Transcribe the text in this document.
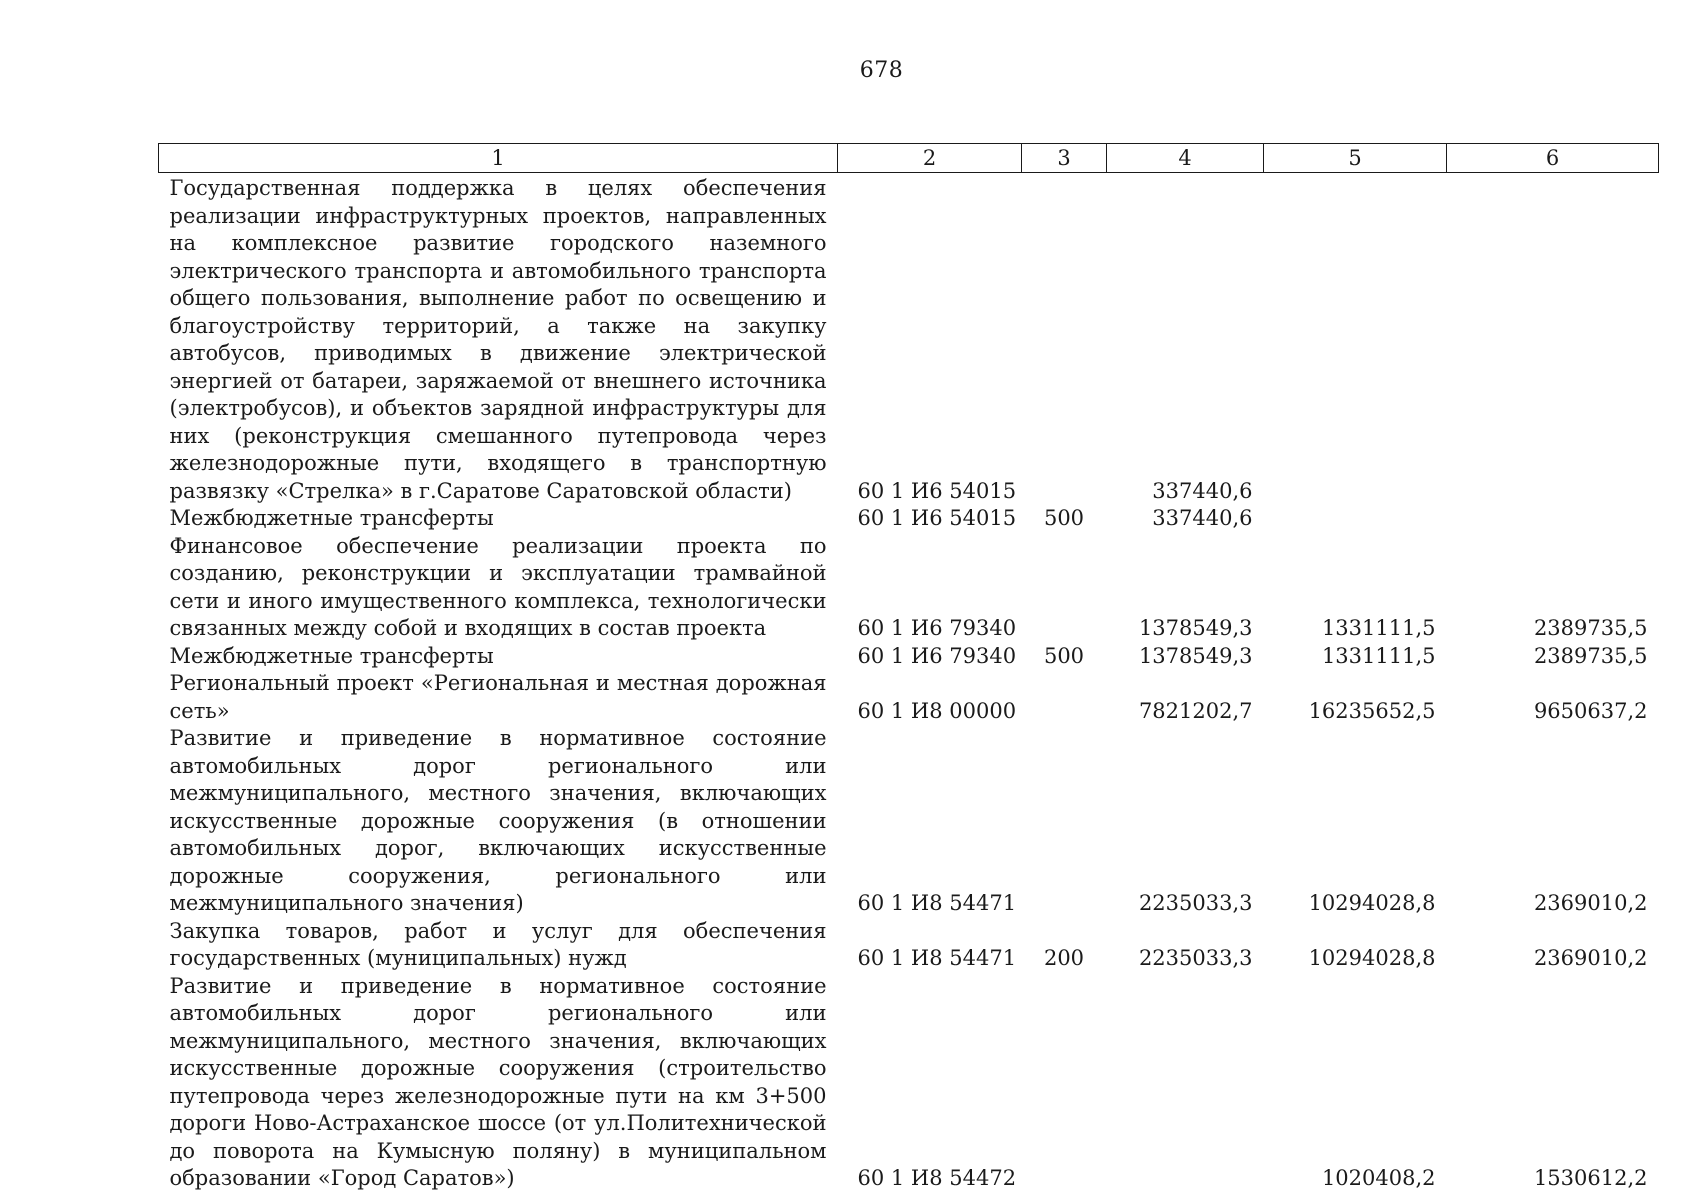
678
1	2	3	4	5	6
Государственная поддержка в целях обеспечения реализации инфраструктурных проектов, направленных на комплексное развитие городского наземного электрического транспорта и автомобильного транспорта общего пользования, выполнение работ по освещению и благоустройству территорий, а также на закупку автобусов, приводимых в движение электрической энергией от батареи, заряжаемой от внешнего источника (электробусов), и объектов зарядной инфраструктуры для них (реконструкция смешанного путепровода через железнодорожные пути, входящего в транспортную развязку «Стрелка» в г.Саратове Саратовской области)	60 1 И6 54015		337440,6		
Межбюджетные трансферты	60 1 И6 54015	500	337440,6		
Финансовое обеспечение реализации проекта по созданию, реконструкции и эксплуатации трамвайной сети и иного имущественного комплекса, технологически связанных между собой и входящих в состав проекта	60 1 И6 79340		1378549,3	1331111,5	2389735,5
Межбюджетные трансферты	60 1 И6 79340	500	1378549,3	1331111,5	2389735,5
Региональный проект «Региональная и местная дорожная сеть»	60 1 И8 00000		7821202,7	16235652,5	9650637,2
Развитие и приведение в нормативное состояние автомобильных дорог регионального или межмуниципального, местного значения, включающих искусственные дорожные сооружения (в отношении автомобильных дорог, включающих искусственные дорожные сооружения, регионального или межмуниципального значения)	60 1 И8 54471		2235033,3	10294028,8	2369010,2
Закупка товаров, работ и услуг для обеспечения государственных (муниципальных) нужд	60 1 И8 54471	200	2235033,3	10294028,8	2369010,2
Развитие и приведение в нормативное состояние автомобильных дорог регионального или межмуниципального, местного значения, включающих искусственные дорожные сооружения (строительство путепровода через железнодорожные пути на км 3+500 дороги Ново-Астраханское шоссе (от ул.Политехнической до поворота на Кумысную поляну) в муниципальном образовании «Город Саратов»)	60 1 И8 54472			1020408,2	1530612,2
